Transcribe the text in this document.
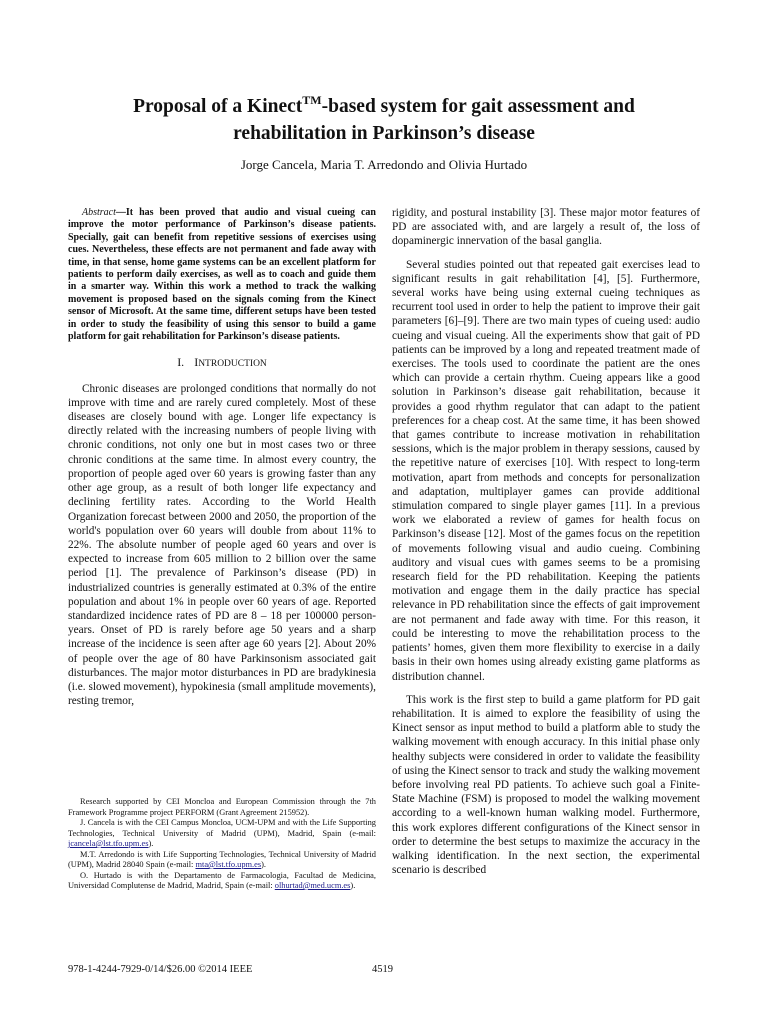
Proposal of a Kinect™-based system for gait assessment and
rehabilitation in Parkinson’s disease
Jorge Cancela, Maria T. Arredondo and Olivia Hurtado

Abstract—It has been proved that audio and visual cueing can improve the motor performance of Parkinson’s disease patients. Specially, gait can benefit from repetitive sessions of exercises using cues. Nevertheless, these effects are not permanent and fade away with time, in that sense, home game systems can be an excellent platform for patients to perform daily exercises, as well as to coach and guide them in a smarter way. Within this work a method to track the walking movement is proposed based on the signals coming from the Kinect sensor of Microsoft. At the same time, different setups have been tested in order to study the feasibility of using this sensor to build a game platform for gait rehabilitation for Parkinson’s disease patients.

I. INTRODUCTION

Chronic diseases are prolonged conditions that normally do not improve with time and are rarely cured completely. Most of these diseases are closely bound with age. Longer life expectancy is directly related with the increasing numbers of people living with chronic conditions, not only one but in most cases two or three chronic conditions at the same time. In almost every country, the proportion of people aged over 60 years is growing faster than any other age group, as a result of both longer life expectancy and declining fertility rates. According to the World Health Organization forecast between 2000 and 2050, the proportion of the world's population over 60 years will double from about 11% to 22%. The absolute number of people aged 60 years and over is expected to increase from 605 million to 2 billion over the same period [1]. The prevalence of Parkinson’s disease (PD) in industrialized countries is generally estimated at 0.3% of the entire population and about 1% in people over 60 years of age. Reported standardized incidence rates of PD are 8 – 18 per 100000 person-years. Onset of PD is rarely before age 50 years and a sharp increase of the incidence is seen after age 60 years [2]. About 20% of people over the age of 80 have Parkinsonism associated gait disturbances. The major motor disturbances in PD are bradykinesia (i.e. slowed movement), hypokinesia (small amplitude movements), resting tremor,

rigidity, and postural instability [3]. These major motor features of PD are associated with, and are largely a result of, the loss of dopaminergic innervation of the basal ganglia.

Several studies pointed out that repeated gait exercises lead to significant results in gait rehabilitation [4], [5]. Furthermore, several works have being using external cueing techniques as recurrent tool used in order to help the patient to improve their gait parameters [6]–[9]. There are two main types of cueing used: audio cueing and visual cueing. All the experiments show that gait of PD patients can be improved by a long and repeated treatment made of exercises. The tools used to coordinate the patient are the ones which can provide a certain rhythm. Cueing appears like a good solution in Parkinson’s disease gait rehabilitation, because it provides a good rhythm regulator that can adapt to the patient preferences for a cheap cost. At the same time, it has been showed that games contribute to increase motivation in rehabilitation sessions, which is the major problem in therapy sessions, caused by the repetitive nature of exercises [10]. With respect to long-term motivation, apart from methods and concepts for personalization and adaptation, multiplayer games can provide additional stimulation compared to single player games [11]. In a previous work we elaborated a review of games for health focus on Parkinson’s disease [12]. Most of the games focus on the repetition of movements following visual and audio cueing. Combining auditory and visual cues with games seems to be a promising research field for the PD rehabilitation. Keeping the patients motivation and engage them in the daily practice has special relevance in PD rehabilitation since the effects of gait improvement are not permanent and fade away with time. For this reason, it could be interesting to move the rehabilitation process to the patients’ homes, given them more flexibility to exercise in a daily basis in their own homes using already existing game platforms as distribution channel.

This work is the first step to build a game platform for PD gait rehabilitation. It is aimed to explore the feasibility of using the Kinect sensor as input method to build a platform able to study the walking movement with enough accuracy. In this initial phase only healthy subjects were considered in order to validate the feasibility of using the Kinect sensor to track and study the walking movement before involving real PD patients. To achieve such goal a Finite-State Machine (FSM) is proposed to model the walking movement according to a well-known human walking model. Furthermore, this work explores different configurations of the Kinect sensor in order to determine the best setups to maximize the accuracy in the walking identification. In the next section, the experimental scenario is described

Research supported by CEI Moncloa and European Commission through the 7th Framework Programme project PERFORM (Grant Agreement 215952).

J. Cancela is with the CEI Campus Moncloa, UCM-UPM and with the Life Supporting Technologies, Technical University of Madrid (UPM), Madrid, Spain (e-mail: jcancela@lst.tfo.upm.es).

M.T. Arredondo is with Life Supporting Technologies, Technical University of Madrid (UPM), Madrid 28040 Spain (e-mail: mta@lst.tfo.upm.es).

O. Hurtado is with the Departamento de Farmacologia, Facultad de Medicina, Universidad Complutense de Madrid, Madrid, Spain (e-mail: olhurtad@med.ucm.es).

978-1-4244-7929-0/14/$26.00 ©2014 IEEE	4519
